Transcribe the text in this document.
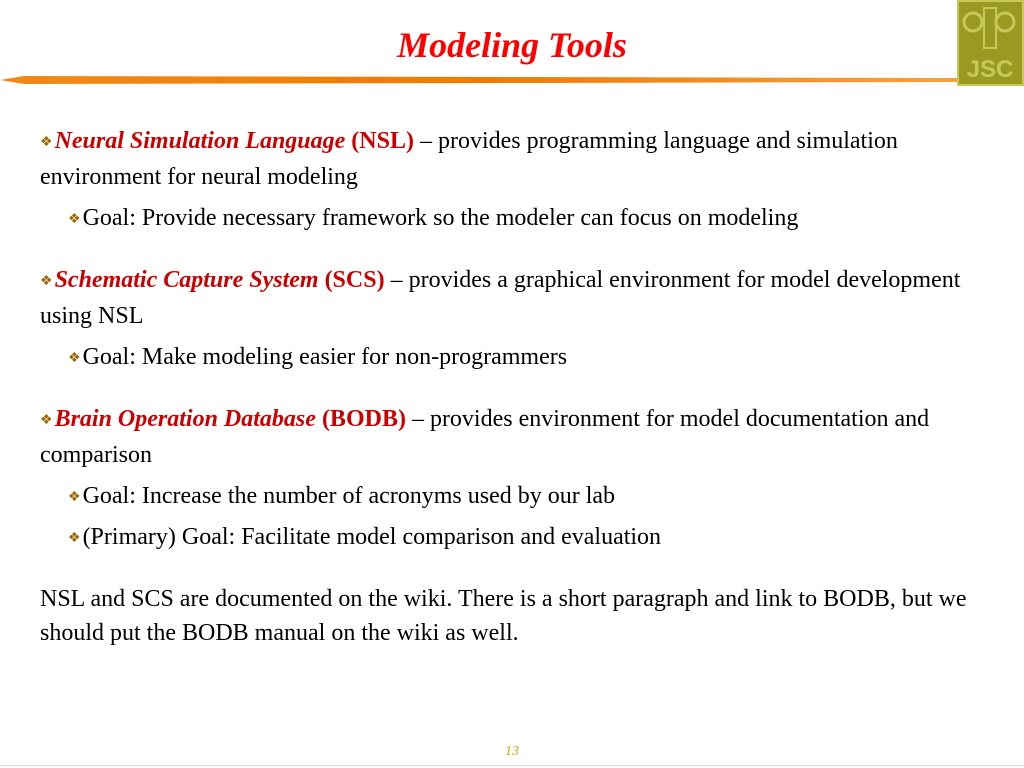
Modeling Tools
JSC

❖Neural Simulation Language (NSL) – provides programming language and simulation environment for neural modeling

❖Goal: Provide necessary framework so the modeler can focus on modeling

❖Schematic Capture System (SCS) – provides a graphical environment for model development using NSL

❖Goal: Make modeling easier for non-programmers

❖Brain Operation Database (BODB) – provides environment for model documentation and comparison

❖Goal: Increase the number of acronyms used by our lab

❖(Primary) Goal: Facilitate model comparison and evaluation

NSL and SCS are documented on the wiki. There is a short paragraph and link to BODB, but we should put the BODB manual on the wiki as well.

13
